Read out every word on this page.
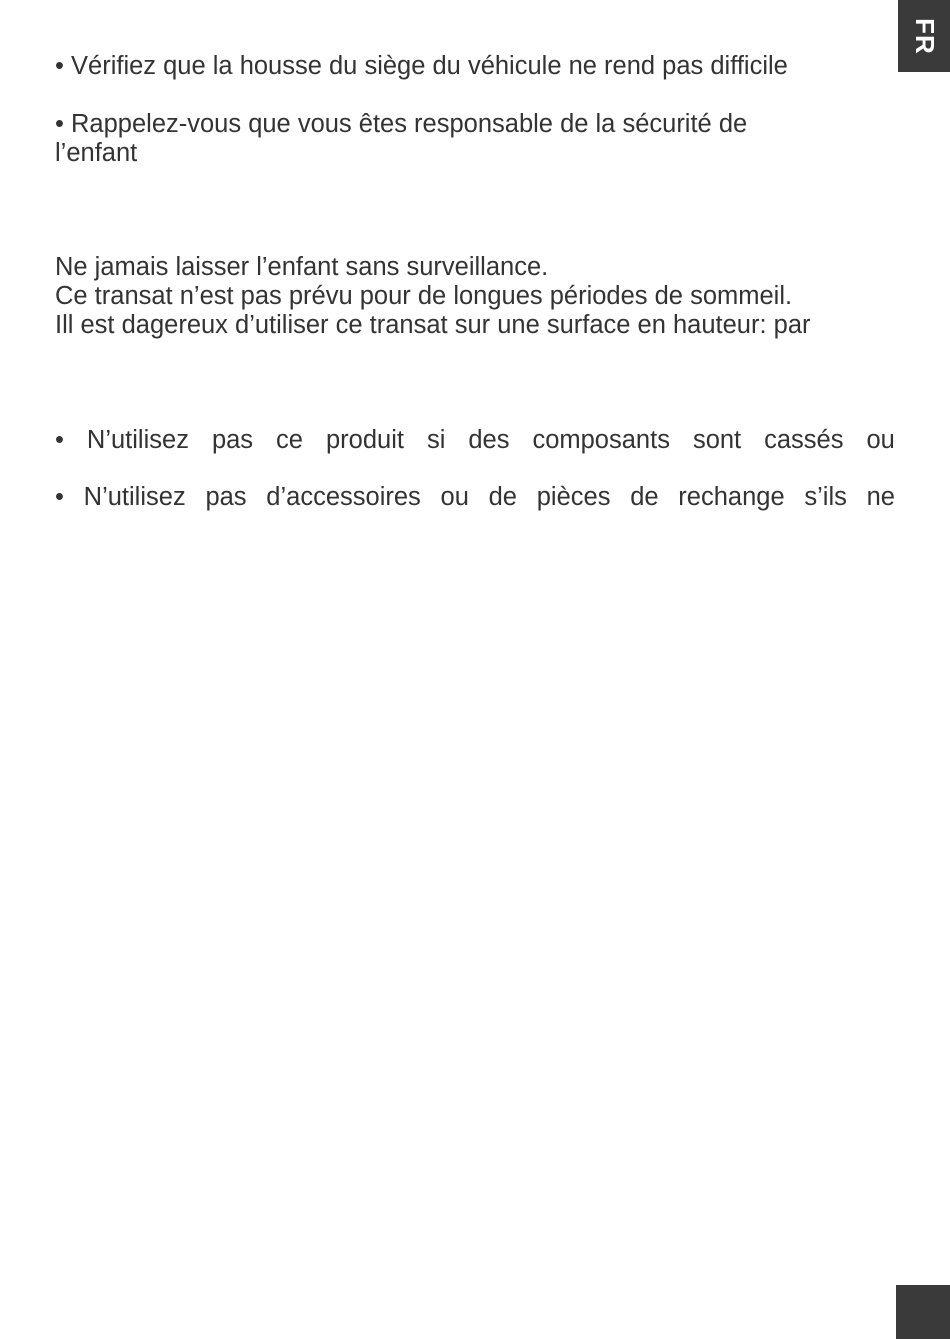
FR
• Vérifiez que la housse du siège du véhicule ne rend pas difficile
• Rappelez-vous que vous êtes responsable de la sécurité de
l’enfant
Ne jamais laisser l’enfant sans surveillance.
Ce transat n’est pas prévu pour de longues périodes de sommeil.
Ill est dagereux d’utiliser ce transat sur une surface en hauteur: par
• N’utilisez pas ce produit si des composants sont cassés ou
• N’utilisez pas d’accessoires ou de pièces de rechange s’ils ne
